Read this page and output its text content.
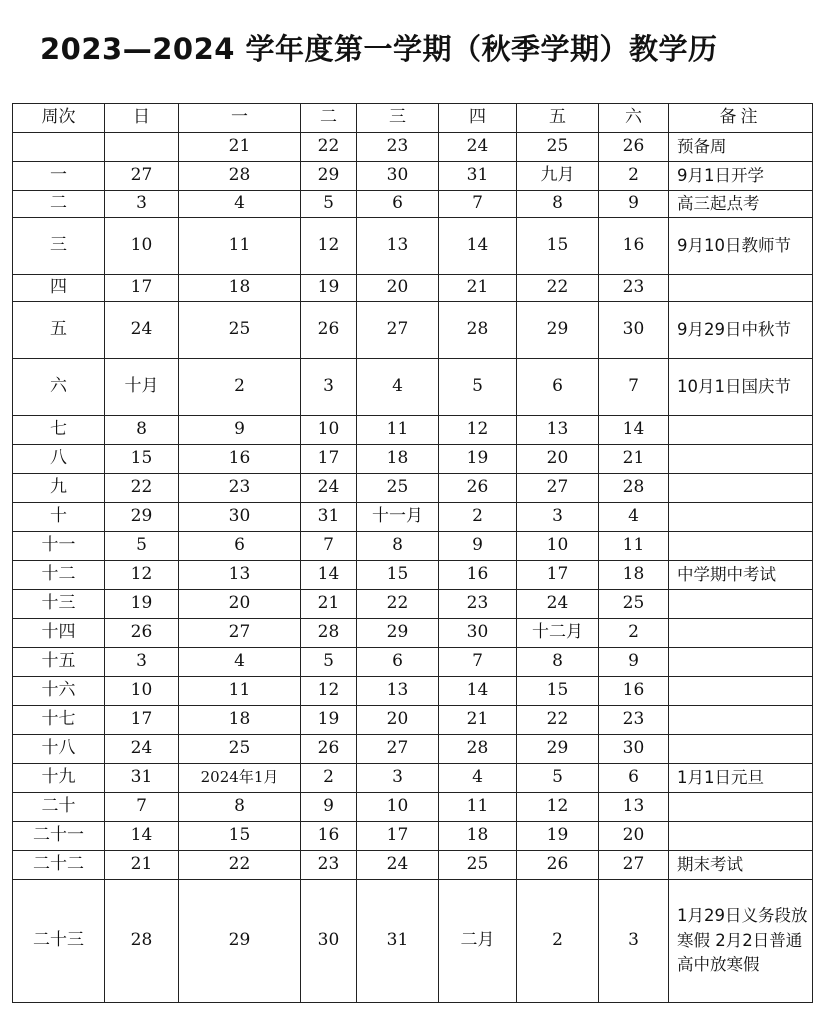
2023—2024 学年度第一学期（秋季学期）教学历
周次	日	一	二	三	四	五	六	备注
		21	22	23	24	25	26	预备周
一	27	28	29	30	31	九月	2	9月1日开学
二	3	4	5	6	7	8	9	高三起点考
三	10	11	12	13	14	15	16	9月10日教师节
四	17	18	19	20	21	22	23	
五	24	25	26	27	28	29	30	9月29日中秋节
六	十月	2	3	4	5	6	7	10月1日国庆节
七	8	9	10	11	12	13	14	
八	15	16	17	18	19	20	21	
九	22	23	24	25	26	27	28	
十	29	30	31	十一月	2	3	4	
十一	5	6	7	8	9	10	11	
十二	12	13	14	15	16	17	18	中学期中考试
十三	19	20	21	22	23	24	25	
十四	26	27	28	29	30	十二月	2	
十五	3	4	5	6	7	8	9	
十六	10	11	12	13	14	15	16	
十七	17	18	19	20	21	22	23	
十八	24	25	26	27	28	29	30	
十九	31	2024年1月	2	3	4	5	6	1月1日元旦
二十	7	8	9	10	11	12	13	
二十一	14	15	16	17	18	19	20	
二十二	21	22	23	24	25	26	27	期末考试
二十三	28	29	30	31	二月	2	3	1月29日义务段放寒假 2月2日普通高中放寒假
